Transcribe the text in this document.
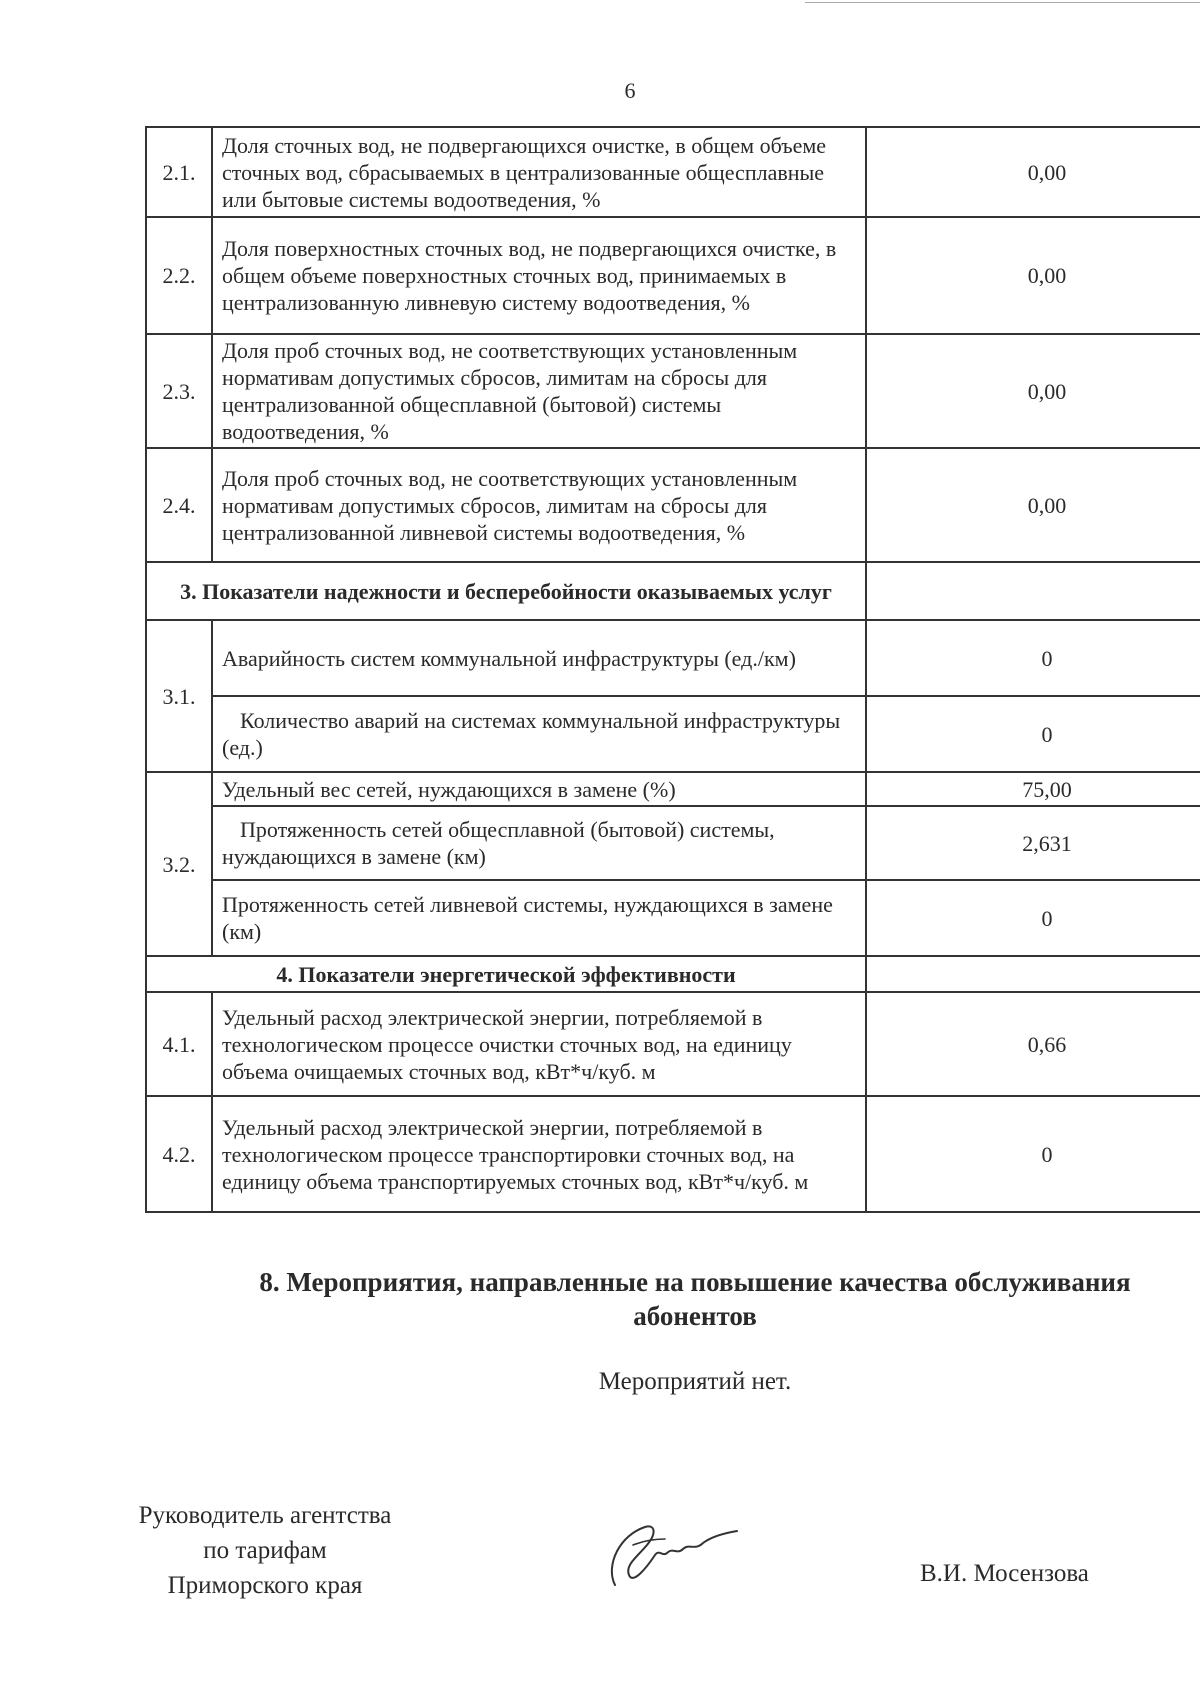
6
2.1.	Доля сточных вод, не подвергающихся очистке, в общем объеме сточных вод, сбрасываемых в централизованные общесплавные или бытовые системы водоотведения, %	0,00
2.2.	Доля поверхностных сточных вод, не подвергающихся очистке, в общем объеме поверхностных сточных вод, принимаемых в централизованную ливневую систему водоотведения, %	0,00
2.3.	Доля проб сточных вод, не соответствующих установленным нормативам допустимых сбросов, лимитам на сбросы для централизованной общесплавной (бытовой) системы водоотведения, %	0,00
2.4.	Доля проб сточных вод, не соответствующих установленным нормативам допустимых сбросов, лимитам на сбросы для централизованной ливневой системы водоотведения, %	0,00
3. Показатели надежности и бесперебойности оказываемых услуг		
3.1.	Аварийность систем коммунальной инфраструктуры (ед./км)	0
	Количество аварий на системах коммунальной инфраструктуры (ед.)	0
3.2.	Удельный вес сетей, нуждающихся в замене (%)	75,00
	Протяженность сетей общесплавной (бытовой) системы, нуждающихся в замене (км)	2,631
	Протяженность сетей ливневой системы, нуждающихся в замене (км)	0
4. Показатели энергетической эффективности		
4.1.	Удельный расход электрической энергии, потребляемой в технологическом процессе очистки сточных вод, на единицу объема очищаемых сточных вод, кВт*ч/куб. м	0,66
4.2.	Удельный расход электрической энергии, потребляемой в технологическом процессе транспортировки сточных вод, на единицу объема транспортируемых сточных вод, кВт*ч/куб. м	0
8. Мероприятия, направленные на повышение качества обслуживания абонентов
Мероприятий нет.
Руководитель агентства по тарифам Приморского края	В.И. Мосензова
